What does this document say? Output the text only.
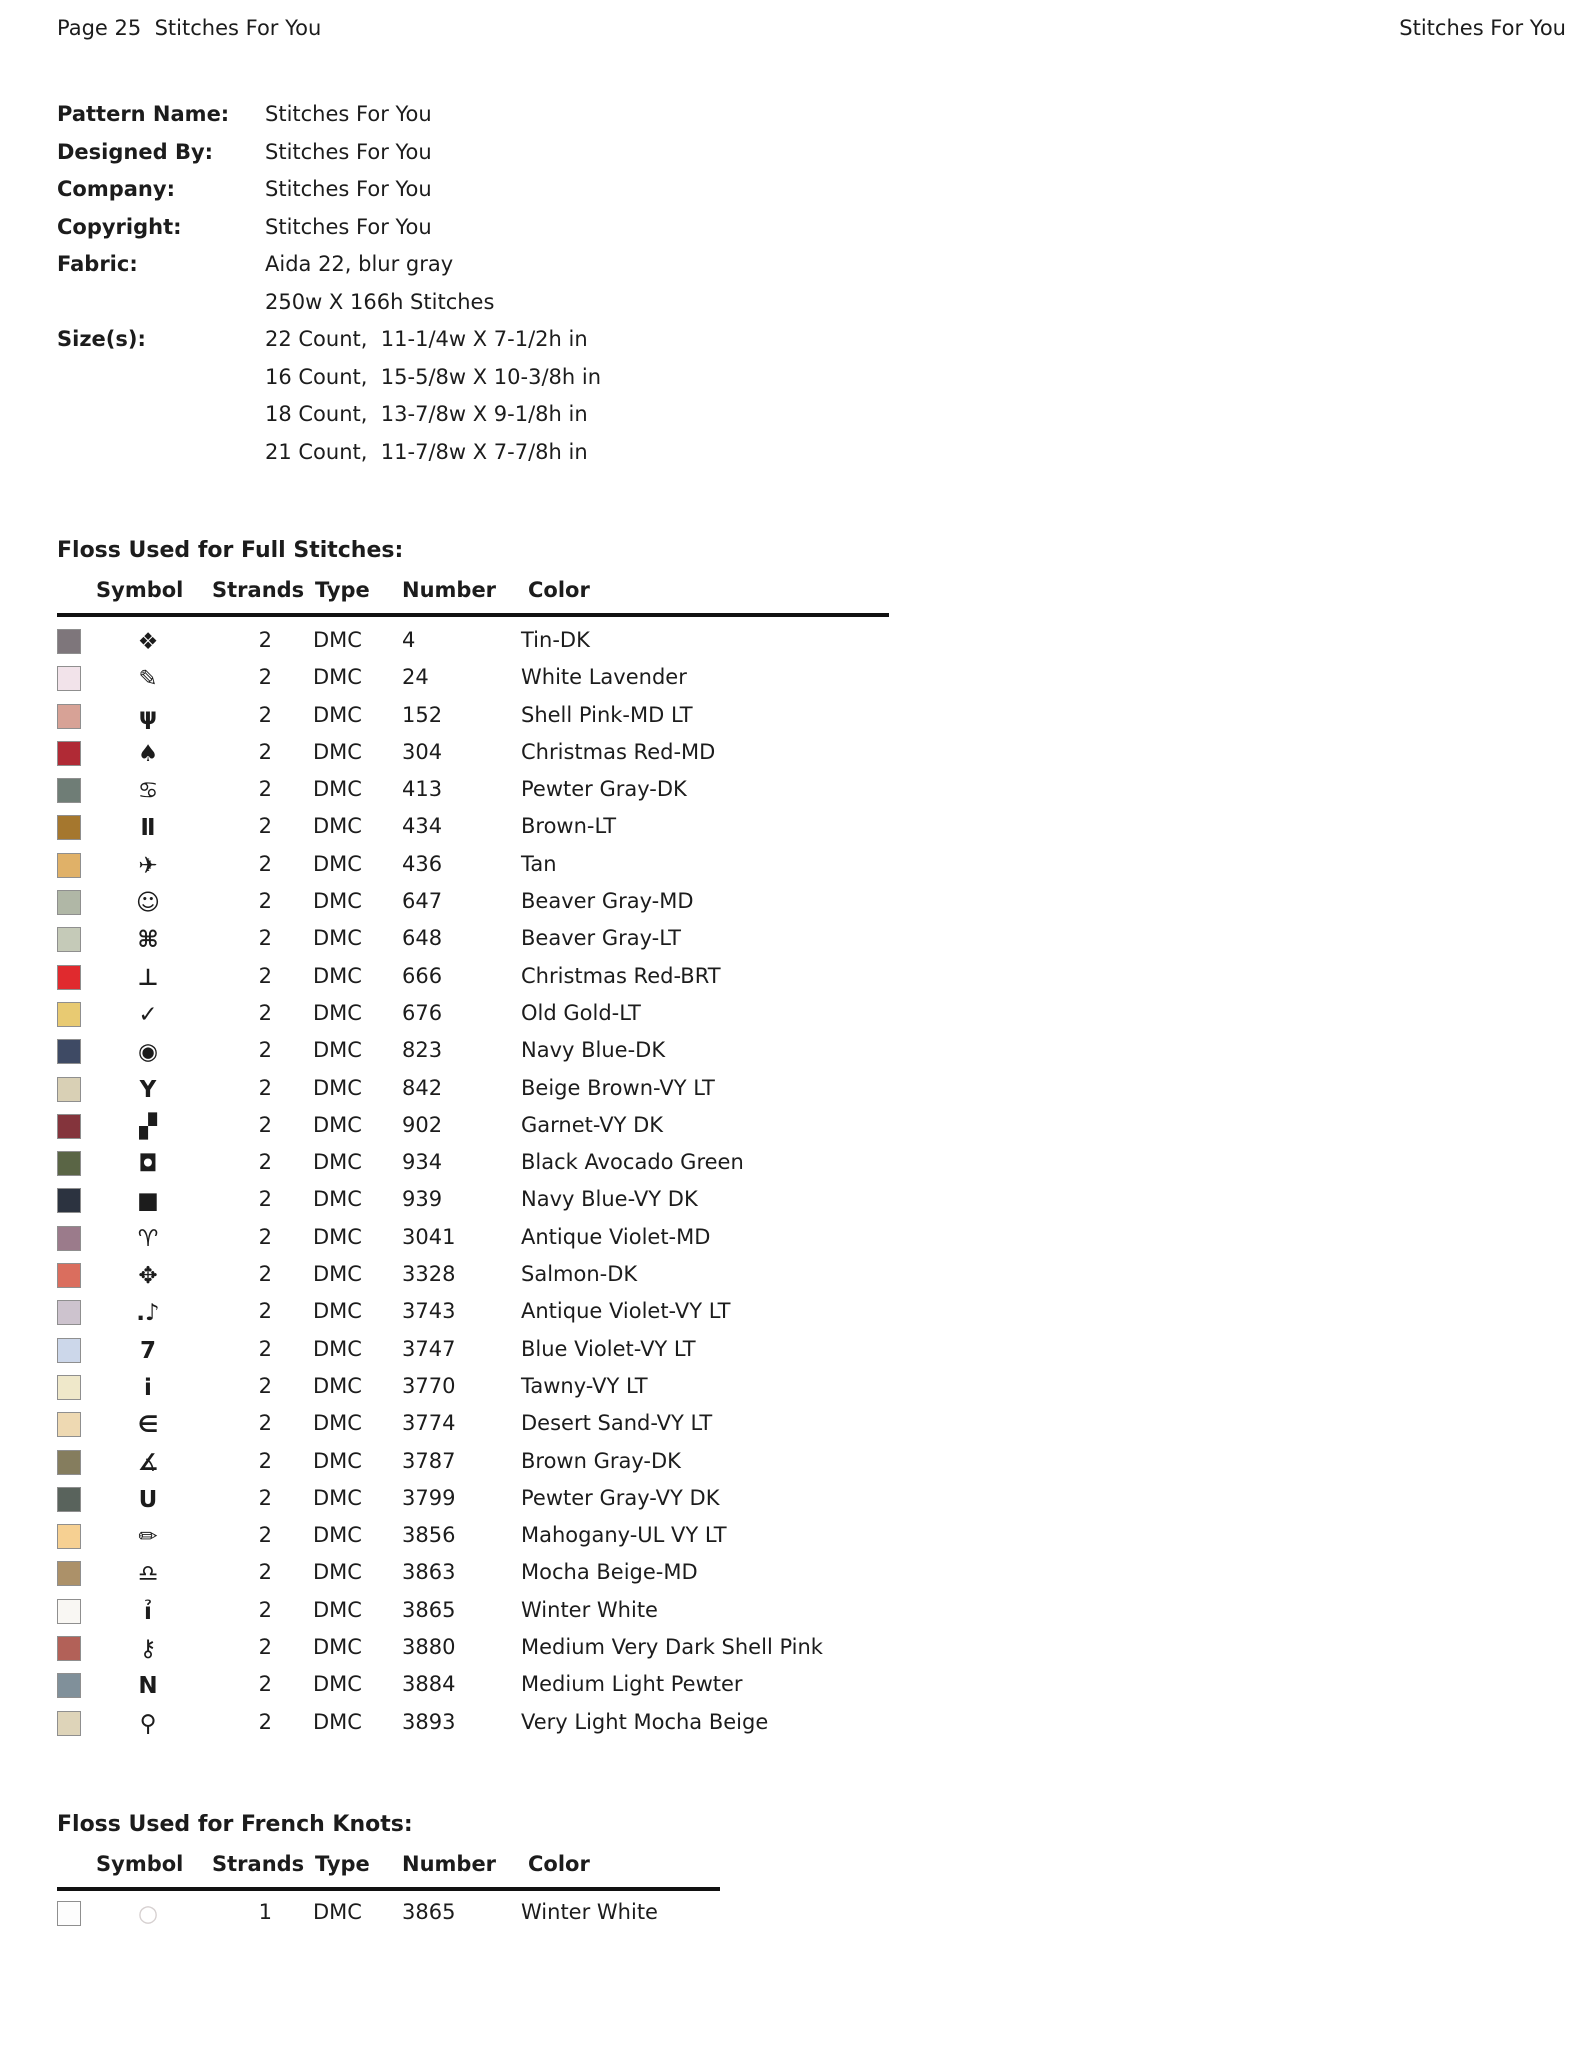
Page 25  Stitches For You	Stitches For You
Pattern Name:	Stitches For You
Designed By:	Stitches For You
Company:	Stitches For You
Copyright:	Stitches For You
Fabric:	Aida 22, blur gray
250w X 166h Stitches
Size(s):	22 Count,  11-1/4w X 7-1/2h in
16 Count,  15-5/8w X 10-3/8h in
18 Count,  13-7/8w X 9-1/8h in
21 Count,  11-7/8w X 7-7/8h in
Floss Used for Full Stitches:
Symbol Strands Type Number Color
❖	2 DMC 4	Tin-DK
✎	2 DMC 24	White Lavender
ψ	2 DMC 152	Shell Pink-MD LT
♠	2 DMC 304	Christmas Red-MD
♋	2 DMC 413	Pewter Gray-DK
Ⅱ	2 DMC 434	Brown-LT
✈	2 DMC 436	Tan
☺	2 DMC 647	Beaver Gray-MD
⌘	2 DMC 648	Beaver Gray-LT
⊥	2 DMC 666	Christmas Red-BRT
✓	2 DMC 676	Old Gold-LT
◉	2 DMC 823	Navy Blue-DK
Y	2 DMC 842	Beige Brown-VY LT
▞	2 DMC 902	Garnet-VY DK
◘	2 DMC 934	Black Avocado Green
■	2 DMC 939	Navy Blue-VY DK
♈	2 DMC 3041	Antique Violet-MD
✥	2 DMC 3328	Salmon-DK
.♪	2 DMC 3743	Antique Violet-VY LT
7	2 DMC 3747	Blue Violet-VY LT
i	2 DMC 3770	Tawny-VY LT
∈	2 DMC 3774	Desert Sand-VY LT
∡	2 DMC 3787	Brown Gray-DK
U	2 DMC 3799	Pewter Gray-VY DK
✏	2 DMC 3856	Mahogany-UL VY LT
♎	2 DMC 3863	Mocha Beige-MD
ỉ	2 DMC 3865	Winter White
⚷	2 DMC 3880	Medium Very Dark Shell Pink
N	2 DMC 3884	Medium Light Pewter
⚲	2 DMC 3893	Very Light Mocha Beige
Floss Used for French Knots:
Symbol Strands Type Number Color
○	1 DMC 3865	Winter White
